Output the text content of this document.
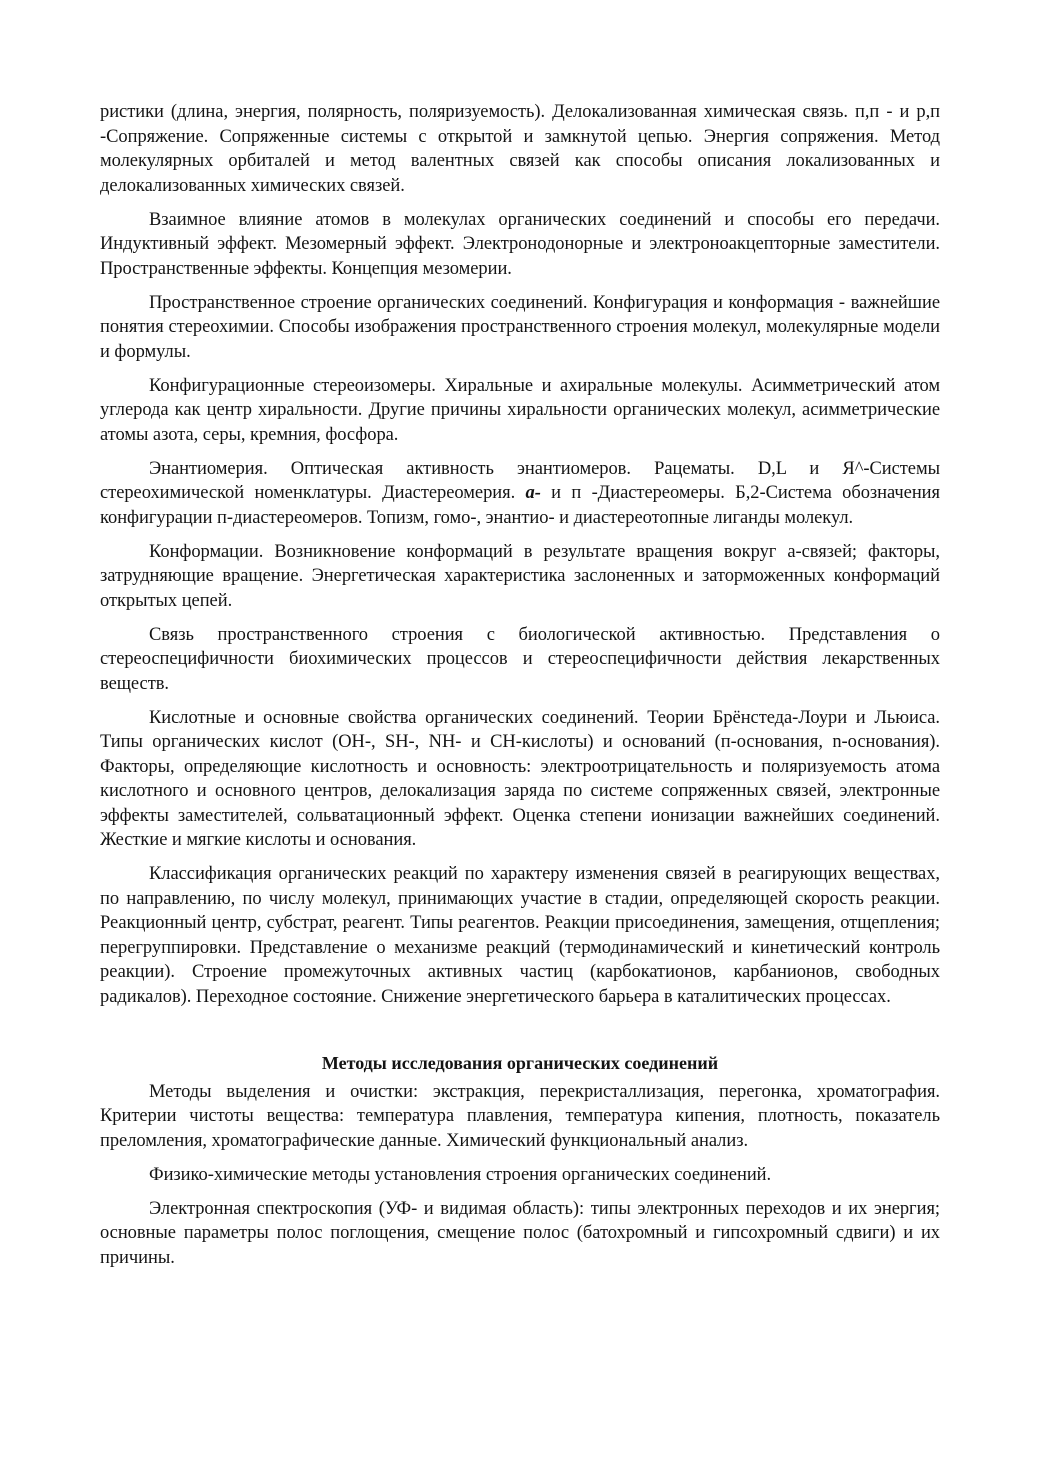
ристики (длина, энергия, полярность, поляризуемость). Делокализованная химическая связь. п,п - и р,п -Сопряжение. Сопряженные системы с открытой и замкнутой цепью. Энергия сопряжения. Метод молекулярных орбиталей и метод валентных связей как способы описания локализованных и делокализованных химических связей.

Взаимное влияние атомов в молекулах органических соединений и способы его передачи. Индуктивный эффект. Мезомерный эффект. Электронодонорные и электроноакцепторные заместители. Пространственные эффекты. Концепция мезомерии.

Пространственное строение органических соединений. Конфигурация и конформация - важнейшие понятия стереохимии. Способы изображения пространственного строения молекул, молекулярные модели и формулы.

Конфигурационные стереоизомеры. Хиральные и ахиральные молекулы. Асимметрический атом углерода как центр хиральности. Другие причины хиральности органических молекул, асимметрические атомы азота, серы, кремния, фосфора.

Энантиомерия. Оптическая активность энантиомеров. Рацематы. D,L и Я^-Системы стереохимической номенклатуры. Диастереомерия. а- и п -Диастереомеры. Б,2-Система обозначения конфигурации п-диастереомеров. Топизм, гомо-, энантио- и диастереотопные лиганды молекул.

Конформации. Возникновение конформаций в результате вращения вокруг а-связей; факторы, затрудняющие вращение. Энергетическая характеристика заслоненных и заторможенных конформаций открытых цепей.

Связь пространственного строения с биологической активностью. Представления о стереоспецифичности биохимических процессов и стереоспецифичности действия лекарственных веществ.

Кислотные и основные свойства органических соединений. Теории Брёнстеда-Лоури и Льюиса. Типы органических кислот (ОН-, SH-, NH- и СН-кислоты) и оснований (п-основания, n-основания). Факторы, определяющие кислотность и основность: электроотрицательность и поляризуемость атома кислотного и основного центров, делокализация заряда по системе сопряженных связей, электронные эффекты заместителей, сольватационный эффект. Оценка степени ионизации важнейших соединений. Жесткие и мягкие кислоты и основания.

Классификация органических реакций по характеру изменения связей в реагирующих веществах, по направлению, по числу молекул, принимающих участие в стадии, определяющей скорость реакции. Реакционный центр, субстрат, реагент. Типы реагентов. Реакции присоединения, замещения, отщепления; перегруппировки. Представление о механизме реакций (термодинамический и кинетический контроль реакции). Строение промежуточных активных частиц (карбокатионов, карбанионов, свободных радикалов). Переходное состояние. Снижение энергетического барьера в каталитических процессах.

Методы исследования органических соединений

Методы выделения и очистки: экстракция, перекристаллизация, перегонка, хроматография. Критерии чистоты вещества: температура плавления, температура кипения, плотность, показатель преломления, хроматографические данные. Химический функциональный анализ.

Физико-химические методы установления строения органических соединений.

Электронная спектроскопия (УФ- и видимая область): типы электронных переходов и их энергия; основные параметры полос поглощения, смещение полос (батохромный и гипсохромный сдвиги) и их причины.
